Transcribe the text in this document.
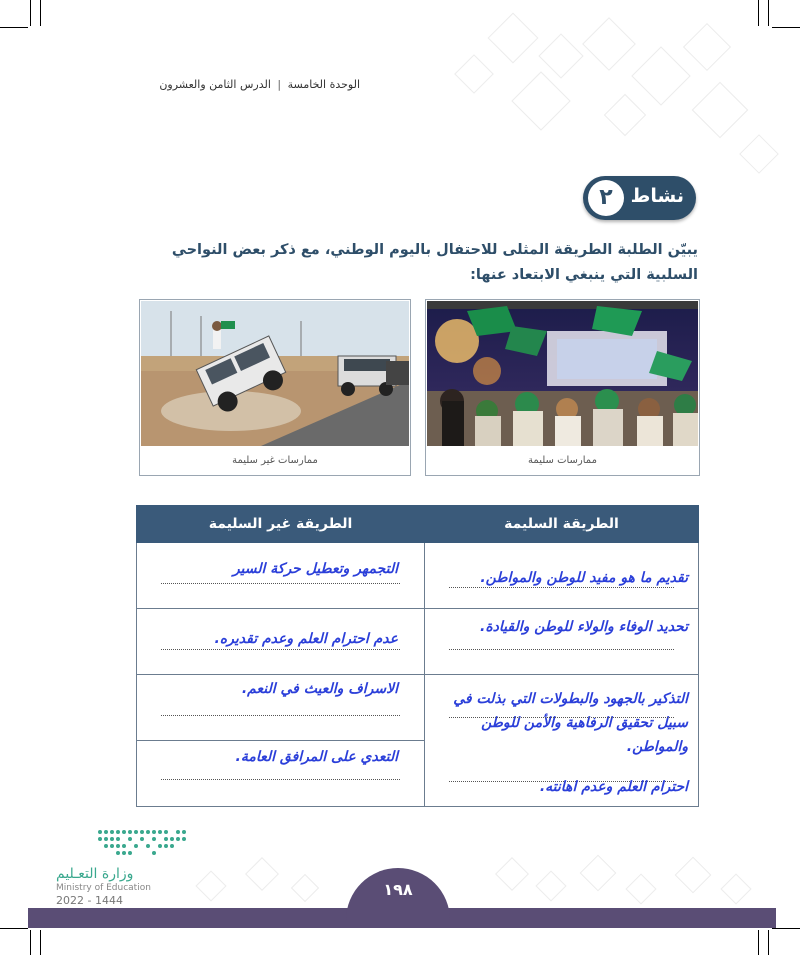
الوحدة الخامسة | الدرس الثامن والعشرون
نشاط
٢
يبيّن الطلبة الطريقة المثلى للاحتفال باليوم الوطني، مع ذكر بعض النواحي السلبية التي ينبغي الابتعاد عنها:
ممارسات سليمة
ممارسات غير سليمة
الطريقة غير السليمة	الطريقة السليمة

التجمهر وتعطيل حركة السير	تقديم ما هو مفيد للوطن والمواطن.

عدم احترام العلم وعدم تقديره.	تحديد الوفاء والولاء للوطن والقيادة.

الاسراف والعيث في النعم.	التذكير بالجهود والبطولات التي بذلت في سبيل تحقيق الرفاهية والأمن للوطن والمواطن.
احترام العلم وعدم اهانته.

التعدي على المرافق العامة.	
وزارة التعـليم
Ministry of Education
2022 - 1444
١٩٨
